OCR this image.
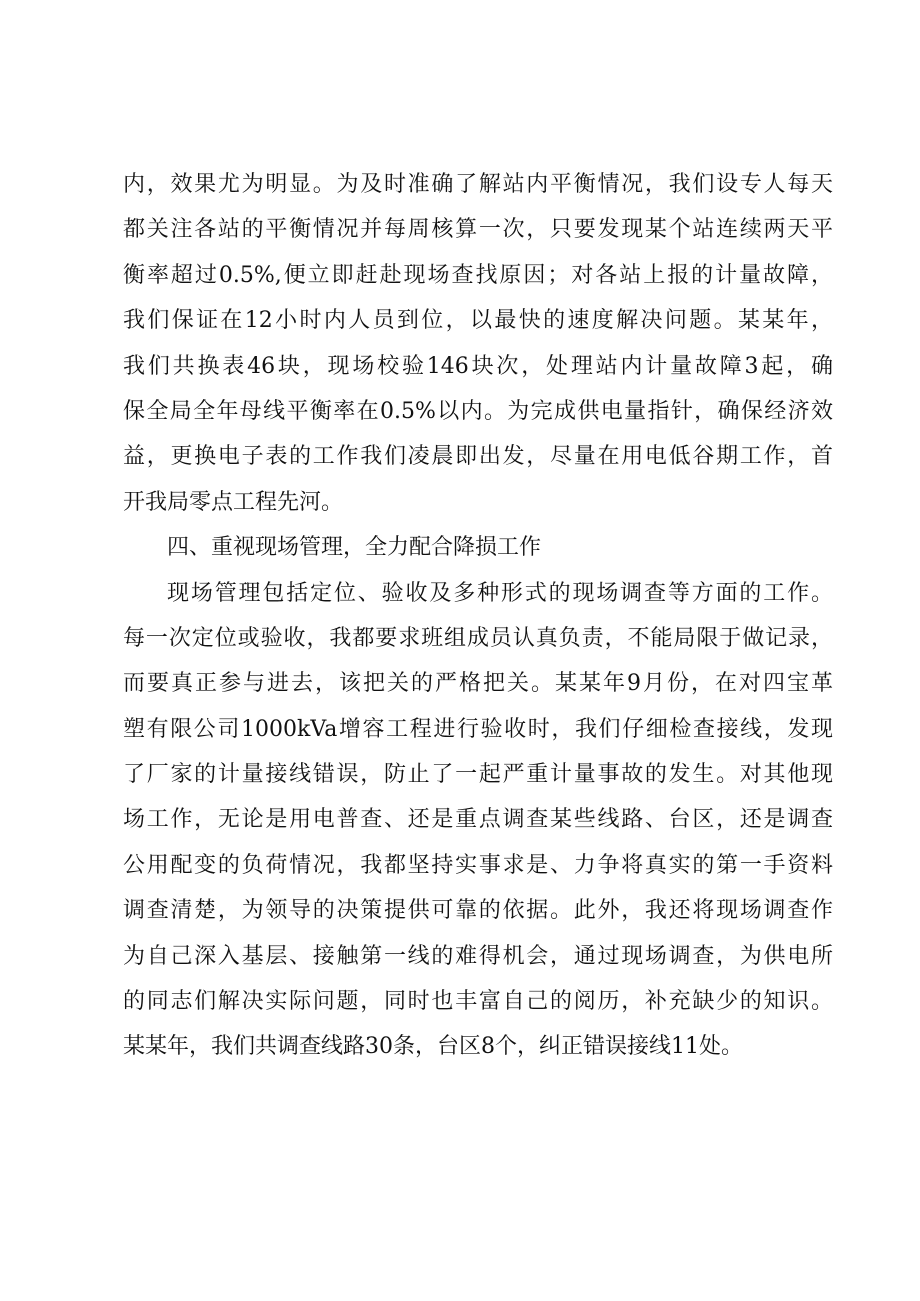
内，效果尤为明显。为及时准确了解站内平衡情况，我们设专人每天
都关注各站的平衡情况并每周核算一次，只要发现某个站连续两天平
衡率超过0.5%,便立即赶赴现场查找原因；对各站上报的计量故障，
我们保证在12小时内人员到位，以最快的速度解决问题。某某年，
我们共换表46块，现场校验146块次，处理站内计量故障3起，确
保全局全年母线平衡率在0.5%以内。为完成供电量指针，确保经济效
益，更换电子表的工作我们凌晨即出发，尽量在用电低谷期工作，首
开我局零点工程先河。
四、重视现场管理，全力配合降损工作
现场管理包括定位、验收及多种形式的现场调查等方面的工作。
每一次定位或验收，我都要求班组成员认真负责，不能局限于做记录，
而要真正参与进去，该把关的严格把关。某某年9月份，在对四宝革
塑有限公司1000kVa增容工程进行验收时，我们仔细检查接线，发现
了厂家的计量接线错误，防止了一起严重计量事故的发生。对其他现
场工作，无论是用电普查、还是重点调查某些线路、台区，还是调查
公用配变的负荷情况，我都坚持实事求是、力争将真实的第一手资料
调查清楚，为领导的决策提供可靠的依据。此外，我还将现场调查作
为自己深入基层、接触第一线的难得机会，通过现场调查，为供电所
的同志们解决实际问题，同时也丰富自己的阅历，补充缺少的知识。
某某年，我们共调查线路30条，台区8个，纠正错误接线11处。
